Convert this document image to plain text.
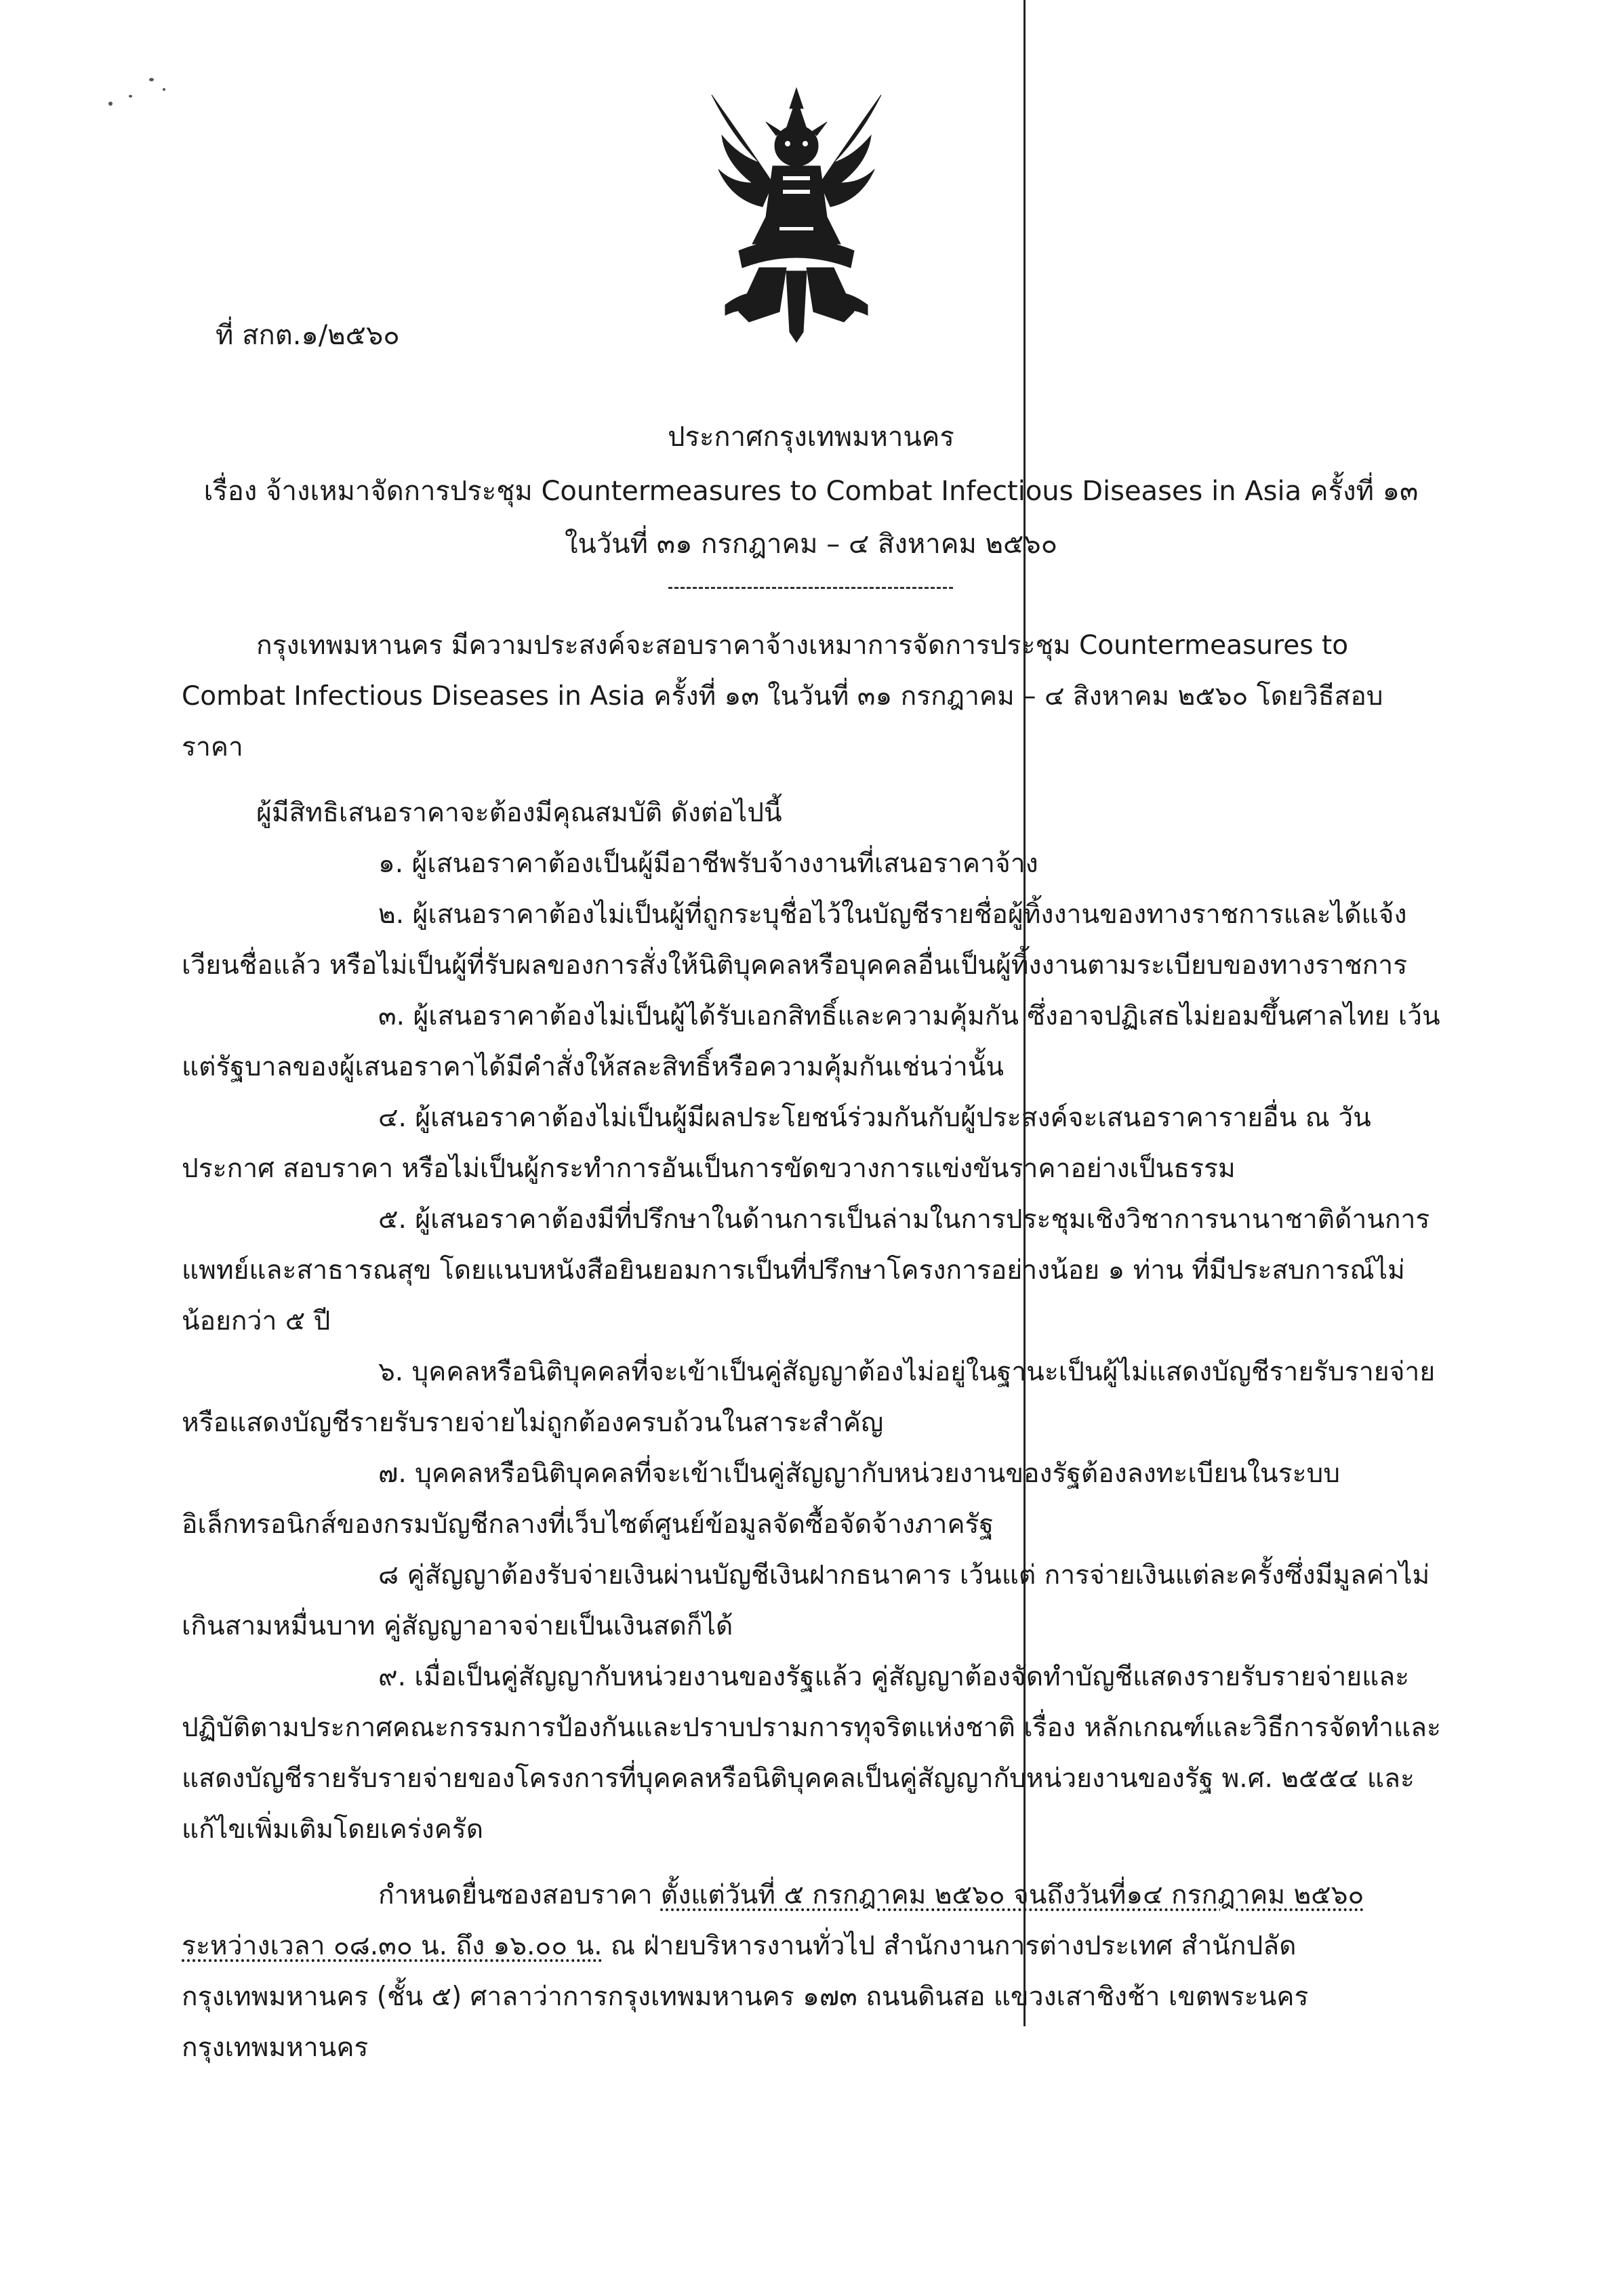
ที่ สกต.๑/๒๕๖๐
ประกาศกรุงเทพมหานคร
เรื่อง จ้างเหมาจัดการประชุม Countermeasures to Combat Infectious Diseases in Asia ครั้งที่ ๑๓
ในวันที่ ๓๑ กรกฎาคม – ๔ สิงหาคม ๒๕๖๐

กรุงเทพมหานคร มีความประสงค์จะสอบราคาจ้างเหมาการจัดการประชุม Countermeasures to Combat Infectious Diseases in Asia ครั้งที่ ๑๓ ในวันที่ ๓๑ กรกฎาคม – ๔ สิงหาคม ๒๕๖๐ โดยวิธีสอบราคา

ผู้มีสิทธิเสนอราคาจะต้องมีคุณสมบัติ ดังต่อไปนี้

๑. ผู้เสนอราคาต้องเป็นผู้มีอาชีพรับจ้างงานที่เสนอราคาจ้าง

๒. ผู้เสนอราคาต้องไม่เป็นผู้ที่ถูกระบุชื่อไว้ในบัญชีรายชื่อผู้ทิ้งงานของทางราชการและได้แจ้งเวียนชื่อแล้ว หรือไม่เป็นผู้ที่รับผลของการสั่งให้นิติบุคคลหรือบุคคลอื่นเป็นผู้ทิ้งงานตามระเบียบของทางราชการ

๓. ผู้เสนอราคาต้องไม่เป็นผู้ได้รับเอกสิทธิ์และความคุ้มกัน ซึ่งอาจปฏิเสธไม่ยอมขึ้นศาลไทย เว้นแต่รัฐบาลของผู้เสนอราคาได้มีคำสั่งให้สละสิทธิ์หรือความคุ้มกันเช่นว่านั้น

๔. ผู้เสนอราคาต้องไม่เป็นผู้มีผลประโยชน์ร่วมกันกับผู้ประสงค์จะเสนอราคารายอื่น ณ วันประกาศ สอบราคา หรือไม่เป็นผู้กระทำการอันเป็นการขัดขวางการแข่งขันราคาอย่างเป็นธรรม

๕. ผู้เสนอราคาต้องมีที่ปรึกษาในด้านการเป็นล่ามในการประชุมเชิงวิชาการนานาชาติด้านการแพทย์และสาธารณสุข โดยแนบหนังสือยินยอมการเป็นที่ปรึกษาโครงการอย่างน้อย ๑ ท่าน ที่มีประสบการณ์ไม่น้อยกว่า ๕ ปี

๖. บุคคลหรือนิติบุคคลที่จะเข้าเป็นคู่สัญญาต้องไม่อยู่ในฐานะเป็นผู้ไม่แสดงบัญชีรายรับรายจ่ายหรือแสดงบัญชีรายรับรายจ่ายไม่ถูกต้องครบถ้วนในสาระสำคัญ

๗. บุคคลหรือนิติบุคคลที่จะเข้าเป็นคู่สัญญากับหน่วยงานของรัฐต้องลงทะเบียนในระบบอิเล็กทรอนิกส์ของกรมบัญชีกลางที่เว็บไซต์ศูนย์ข้อมูลจัดซื้อจัดจ้างภาครัฐ

๘ คู่สัญญาต้องรับจ่ายเงินผ่านบัญชีเงินฝากธนาคาร เว้นแต่ การจ่ายเงินแต่ละครั้งซึ่งมีมูลค่าไม่เกินสามหมื่นบาท คู่สัญญาอาจจ่ายเป็นเงินสดก็ได้

๙. เมื่อเป็นคู่สัญญากับหน่วยงานของรัฐแล้ว คู่สัญญาต้องจัดทำบัญชีแสดงรายรับรายจ่ายและปฏิบัติตามประกาศคณะกรรมการป้องกันและปราบปรามการทุจริตแห่งชาติ เรื่อง หลักเกณฑ์และวิธีการจัดทำและแสดงบัญชีรายรับรายจ่ายของโครงการที่บุคคลหรือนิติบุคคลเป็นคู่สัญญากับหน่วยงานของรัฐ พ.ศ. ๒๕๕๔ และแก้ไขเพิ่มเติมโดยเคร่งครัด

กำหนดยื่นซองสอบราคา ตั้งแต่วันที่ ๕ กรกฎาคม ๒๕๖๐ จนถึงวันที่๑๔ กรกฎาคม ๒๕๖๐ ระหว่างเวลา ๐๘.๓๐ น. ถึง ๑๖.๐๐ น. ณ ฝ่ายบริหารงานทั่วไป สำนักงานการต่างประเทศ สำนักปลัดกรุงเทพมหานคร (ชั้น ๕) ศาลาว่าการกรุงเทพมหานคร ๑๗๓ ถนนดินสอ แขวงเสาชิงช้า เขตพระนคร กรุงเทพมหานคร
